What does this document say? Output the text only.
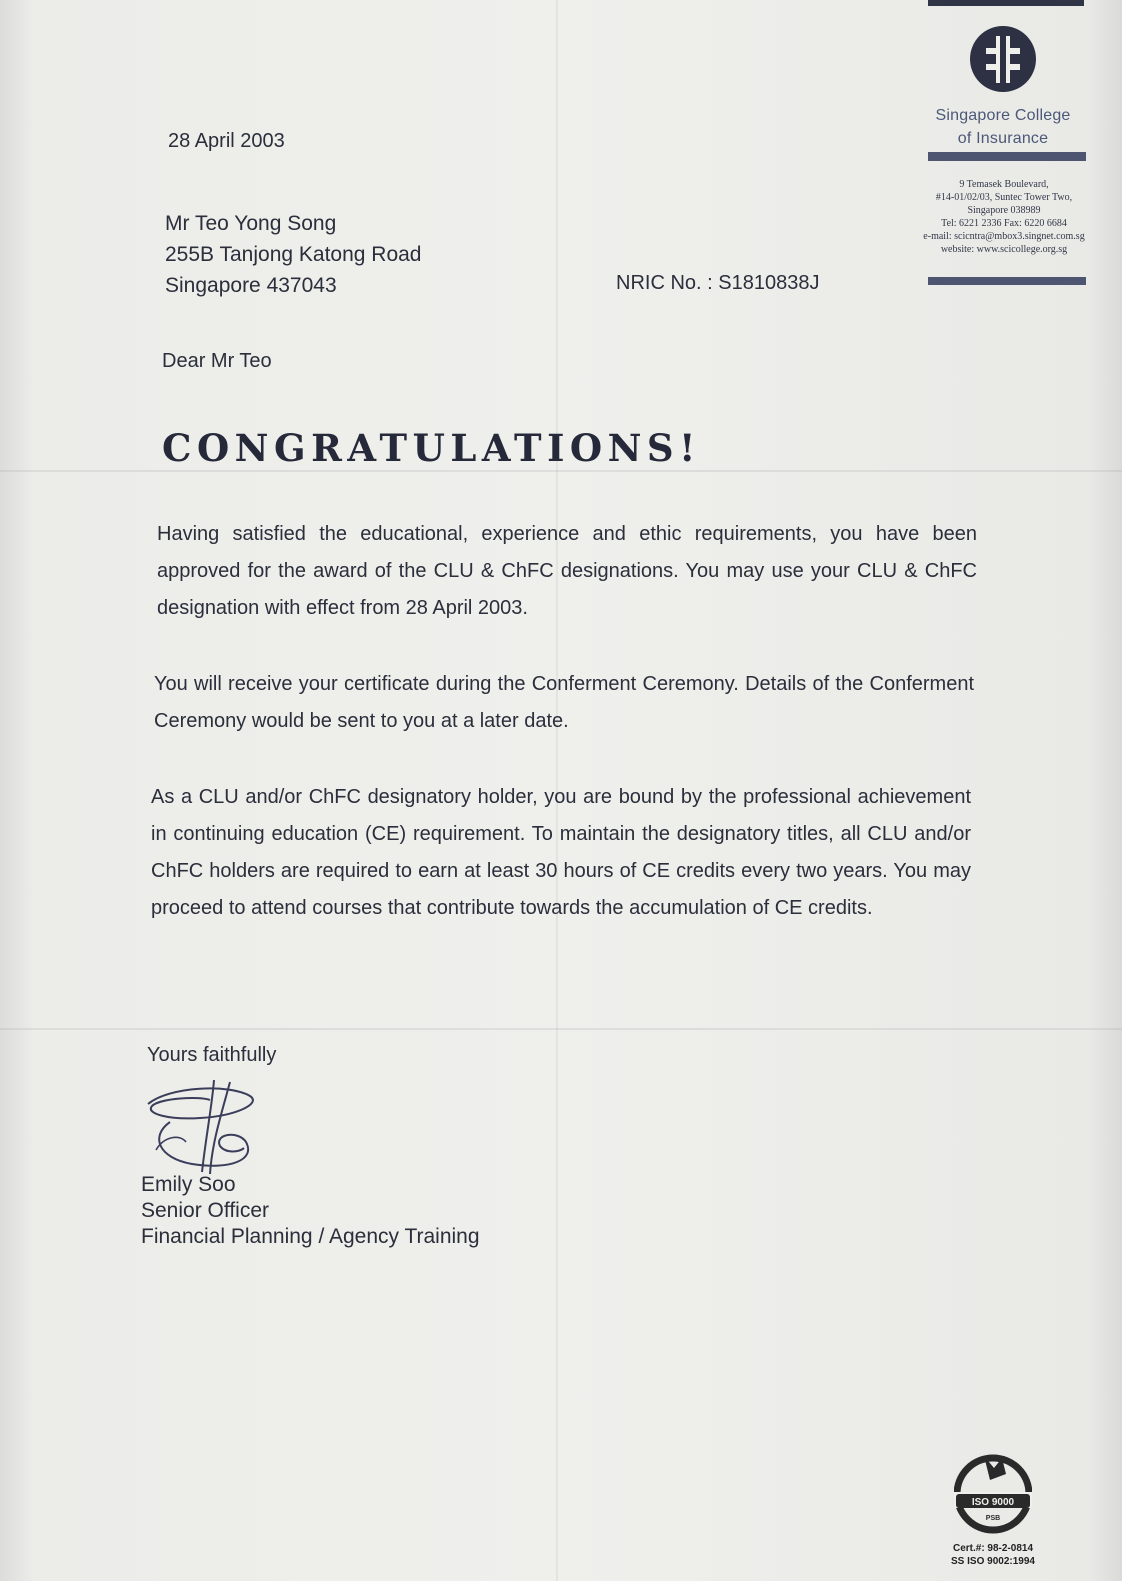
Singapore College
of Insurance
9 Temasek Boulevard,
#14-01/02/03, Suntec Tower Two,
Singapore 038989
Tel: 6221 2336 Fax: 6220 6684
e-mail: scicntra@mbox3.singnet.com.sg
website: www.scicollege.org.sg
28 April 2003
Mr Teo Yong Song
255B Tanjong Katong Road
Singapore 437043	NRIC No. : S1810838J
Dear Mr Teo
CONGRATULATIONS!
Having satisfied the educational, experience and ethic requirements, you have been approved for the award of the CLU & ChFC designations. You may use your CLU & ChFC designation with effect from 28 April 2003.
You will receive your certificate during the Conferment Ceremony. Details of the Conferment Ceremony would be sent to you at a later date.
As a CLU and/or ChFC designatory holder, you are bound by the professional achievement in continuing education (CE) requirement. To maintain the designatory titles, all CLU and/or ChFC holders are required to earn at least 30 hours of CE credits every two years. You may proceed to attend courses that contribute towards the accumulation of CE credits.
Yours faithfully
Emily Soo
Senior Officer
Financial Planning / Agency Training
ISO 9000
PSB
Cert.#: 98-2-0814
SS ISO 9002:1994
